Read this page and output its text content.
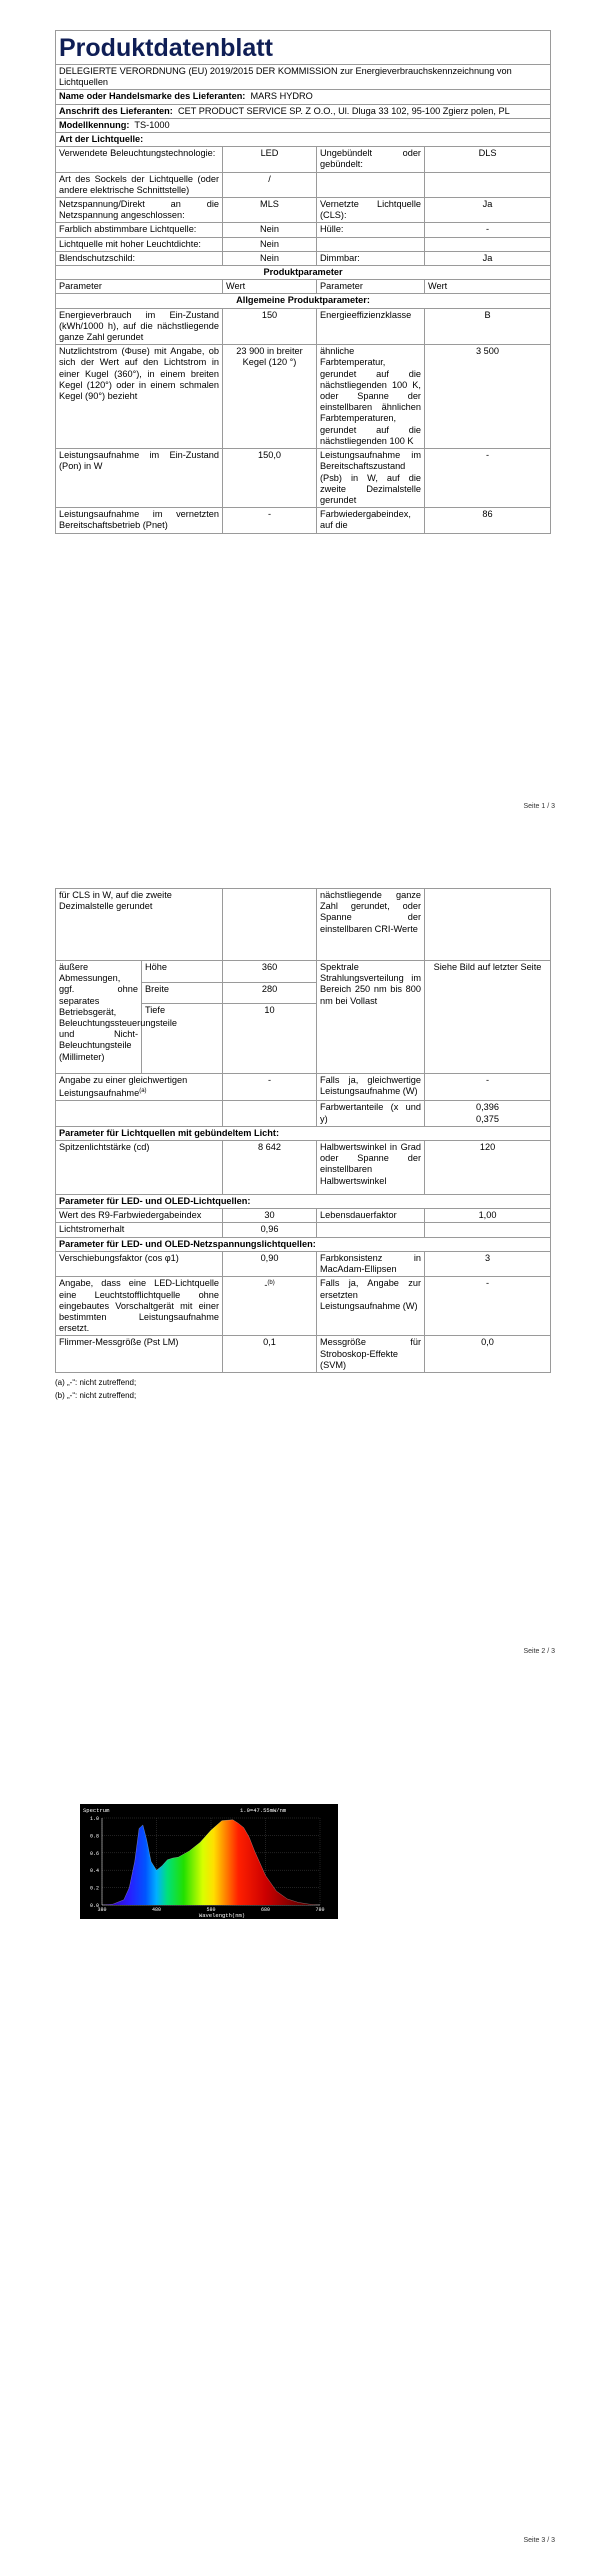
Produktdatenblatt			
DELEGIERTE VERORDNUNG (EU) 2019/2015 DER KOMMISSION zur Energieverbrauchskennzeichnung von Lichtquellen			
Name oder Handelsmarke des Lieferanten: MARS HYDRO			
Anschrift des Lieferanten: CET PRODUCT SERVICE SP. Z O.O., Ul. Dluga 33 102, 95-100 Zgierz polen, PL			
Modellkennung: TS-1000			
Art der Lichtquelle:			
Verwendete Beleuchtungstechnologie:	LED	Ungebündelt oder gebündelt:	DLS
Art des Sockels der Lichtquelle (oder andere elektrische Schnittstelle)	/		
Netzspannung/Direkt an die Netzspannung angeschlossen:	MLS	Vernetzte Lichtquelle (CLS):	Ja
Farblich abstimmbare Lichtquelle:	Nein	Hülle:	-
Lichtquelle mit hoher Leuchtdichte:	Nein		
Blendschutzschild:	Nein	Dimmbar:	Ja
Produktparameter			
Parameter	Wert	Parameter	Wert
Allgemeine Produktparameter:			
Energieverbrauch im Ein-Zustand (kWh/1000 h), auf die nächstliegende ganze Zahl gerundet	150	Energieeffizienzklasse	B
Nutzlichtstrom (Φuse) mit Angabe, ob sich der Wert auf den Lichtstrom in einer Kugel (360°), in einem breiten Kegel (120°) oder in einem schmalen Kegel (90°) bezieht	23 900 in breiter Kegel (120 °)	ähnliche Farbtemperatur, gerundet auf die nächstliegenden 100 K, oder Spanne der einstellbaren ähnlichen Farbtemperaturen, gerundet auf die nächstliegenden 100 K	3 500
Leistungsaufnahme im Ein-Zustand (Pon) in W	150,0	Leistungsaufnahme im Bereitschaftszustand (Psb) in W, auf die zweite Dezimalstelle gerundet	-
Leistungsaufnahme im vernetzten Bereitschaftsbetrieb (Pnet)	-	Farbwiedergabeindex, auf die	86
Seite 1 / 3
für CLS in W, auf die zweite Dezimalstelle gerundet			nächstliegende ganze Zahl gerundet, oder Spanne der einstellbaren CRI-Werte	
äußere Abmessungen, ggf. ohne separates Betriebsgerät, Beleuchtungssteuerungsteile und Nicht-Beleuchtungsteile (Millimeter)	Höhe	360	Spektrale Strahlungsverteilung im Bereich 250 nm bis 800 nm bei Vollast	Siehe Bild auf letzter Seite
	Breite	280		
	Tiefe	10		
Angabe zu einer gleichwertigen Leistungsaufnahme$^{(a)}$		-	Falls ja, gleichwertige Leistungsaufnahme (W)	-
			Farbwertanteile (x und y)	0,396
0,375
Parameter für Lichtquellen mit gebündeltem Licht:				
Spitzenlichtstärke (cd)		8 642	Halbwertswinkel in Grad oder Spanne der einstellbaren Halbwertswinkel	120
Parameter für LED- und OLED-Lichtquellen:				
Wert des R9-Farbwiedergabeindex		30	Lebensdauerfaktor	1,00
Lichtstromerhalt		0,96		
Parameter für LED- und OLED-Netzspannungslichtquellen:				
Verschiebungsfaktor (cos φ1)		0,90	Farbkonsistenz in MacAdam-Ellipsen	3
Angabe, dass eine LED-Lichtquelle eine Leuchtstofflichtquelle ohne eingebautes Vorschaltgerät mit einer bestimmten Leistungsaufnahme ersetzt.		-$^{(b)}$	Falls ja, Angabe zur ersetzten Leistungsaufnahme (W)	-
Flimmer-Messgröße (Pst LM)		0,1	Messgröße für Stroboskop-Effekte (SVM)	0,0
(a) „-“: nicht zutreffend;
(b) „-“: nicht zutreffend;
Seite 2 / 3
Spectrum	1.0=47.55mW/nm
380	480	580	680	780
0.0
0.2
0.4
0.6
0.8
1.0
Wavelength(nm)
Seite 3 / 3
